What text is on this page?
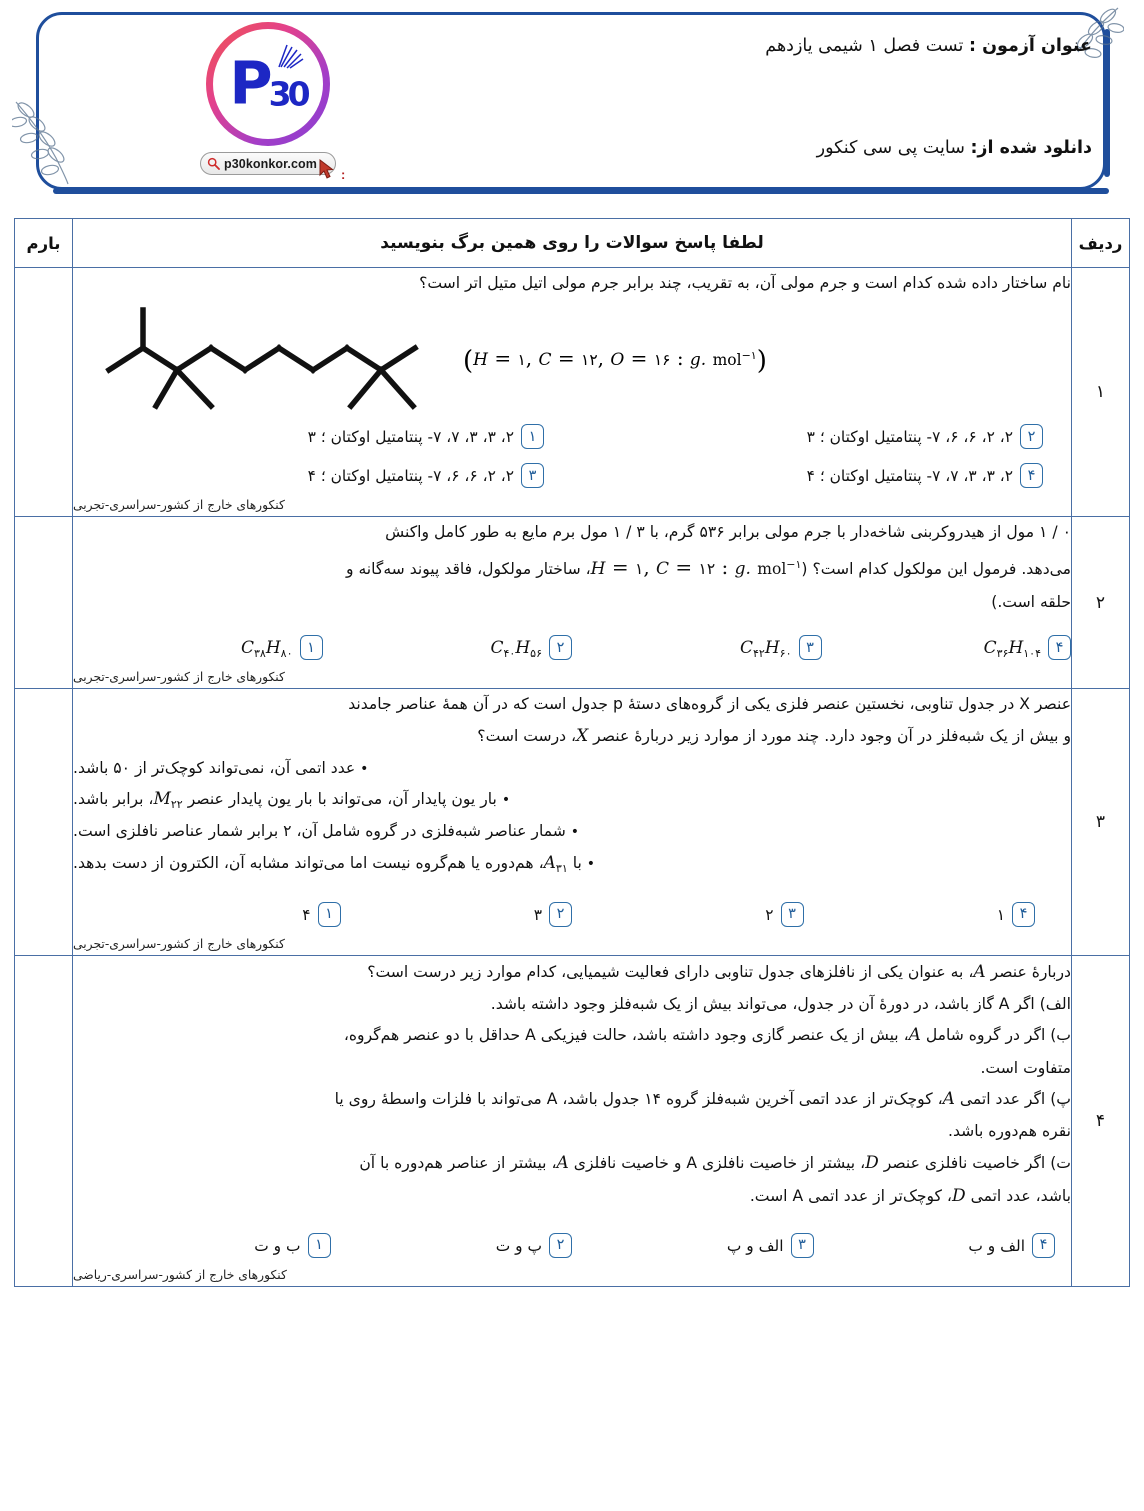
P30
p30konkor.com
:
عنوان آزمون : تست فصل ۱ شیمی یازدهم
دانلود شده از: سایت پی سی کنکور
ردیف	لطفا پاسخ سوالات را روی همین برگ بنویسید	بارم
۱	
نام ساختار داده شده کدام است و جرم مولی آن، به تقریب، چند برابر جرم مولی اتیل متیل اتر است؟
(H = ۱, C = ۱۲, O = ۱۶ : g. mol$^{-۱}$)
۱
۲، ۳، ۳، ۷، ۷- پنتامتیل اوکتان ؛ ۳	۲
۲، ۲، ۶، ۶، ۷- پنتامتیل اوکتان ؛ ۳
۳
۲، ۲، ۶، ۶، ۷- پنتامتیل اوکتان ؛ ۴	۴
۲، ۳، ۳، ۷، ۷- پنتامتیل اوکتان ؛ ۴
کنکورهای خارج از کشور-سراسری-تجربی

۲	
۰ / ۱ مول از هیدروکربنی شاخه‌دار با جرم مولی برابر ۵۳۶ گرم، با ۳ / ۱ مول برم مایع به طور کامل واکنش
می‌دهد. فرمول این مولکول کدام است؟ (H = ۱, C = ۱۲ : g. mol$^{-۱}$، ساختار مولکول، فاقد پیوند سه‌گانه و
حلقه است.)
۱
$C_{۳۸}H_{۸۰}$	۲
$C_{۴۰}H_{۵۶}$	۳
$C_{۴۲}H_{۶۰}$	۴
$C_{۳۶}H_{۱۰۴}$
کنکورهای خارج از کشور-سراسری-تجربی

۳	
عنصر X در جدول تناوبی، نخستین عنصر فلزی یکی از گروه‌های دستهٔ p جدول است که در آن همهٔ عناصر جامدند
و بیش از یک شبه‌فلز در آن وجود دارد. چند مورد از موارد زیر دربارهٔ عنصر X، درست است؟
• عدد اتمی آن، نمی‌تواند کوچک‌تر از ۵۰ باشد.
• بار یون پایدار آن، می‌تواند با بار یون پایدار عنصر $M_{۲۲}،$ برابر باشد.
• شمار عناصر شبه‌فلزی در گروه شامل آن، ۲ برابر شمار عناصر نافلزی است.
• با $A_{۳۱}،$ هم‌دوره یا هم‌گروه نیست اما می‌تواند مشابه آن، الکترون از دست بدهد.
۱
۴	۲
۳	۳
۲	۴
۱
کنکورهای خارج از کشور-سراسری-تجربی

۴	
دربارهٔ عنصر A، به عنوان یکی از نافلزهای جدول تناوبی دارای فعالیت شیمیایی، کدام موارد زیر درست است؟
الف) اگر A گاز باشد، در دورهٔ آن در جدول، می‌تواند بیش از یک شبه‌فلز وجود داشته باشد.
ب) اگر در گروه شامل A، بیش از یک عنصر گازی وجود داشته باشد، حالت فیزیکی A حداقل با دو عنصر هم‌گروه،
متفاوت است.
پ) اگر عدد اتمی A، کوچک‌تر از عدد اتمی آخرین شبه‌فلز گروه ۱۴ جدول باشد، A می‌تواند با فلزات واسطهٔ روی یا
نقره هم‌دوره باشد.
ت) اگر خاصیت نافلزی عنصر D، بیشتر از خاصیت نافلزی A و خاصیت نافلزی A، بیشتر از عناصر هم‌دوره با آن
باشد، عدد اتمی D، کوچک‌تر از عدد اتمی A است.
۱
ب و ت	۲
پ و ت	۳
الف و پ	۴
الف و ب
کنکورهای خارج از کشور-سراسری-ریاضی
